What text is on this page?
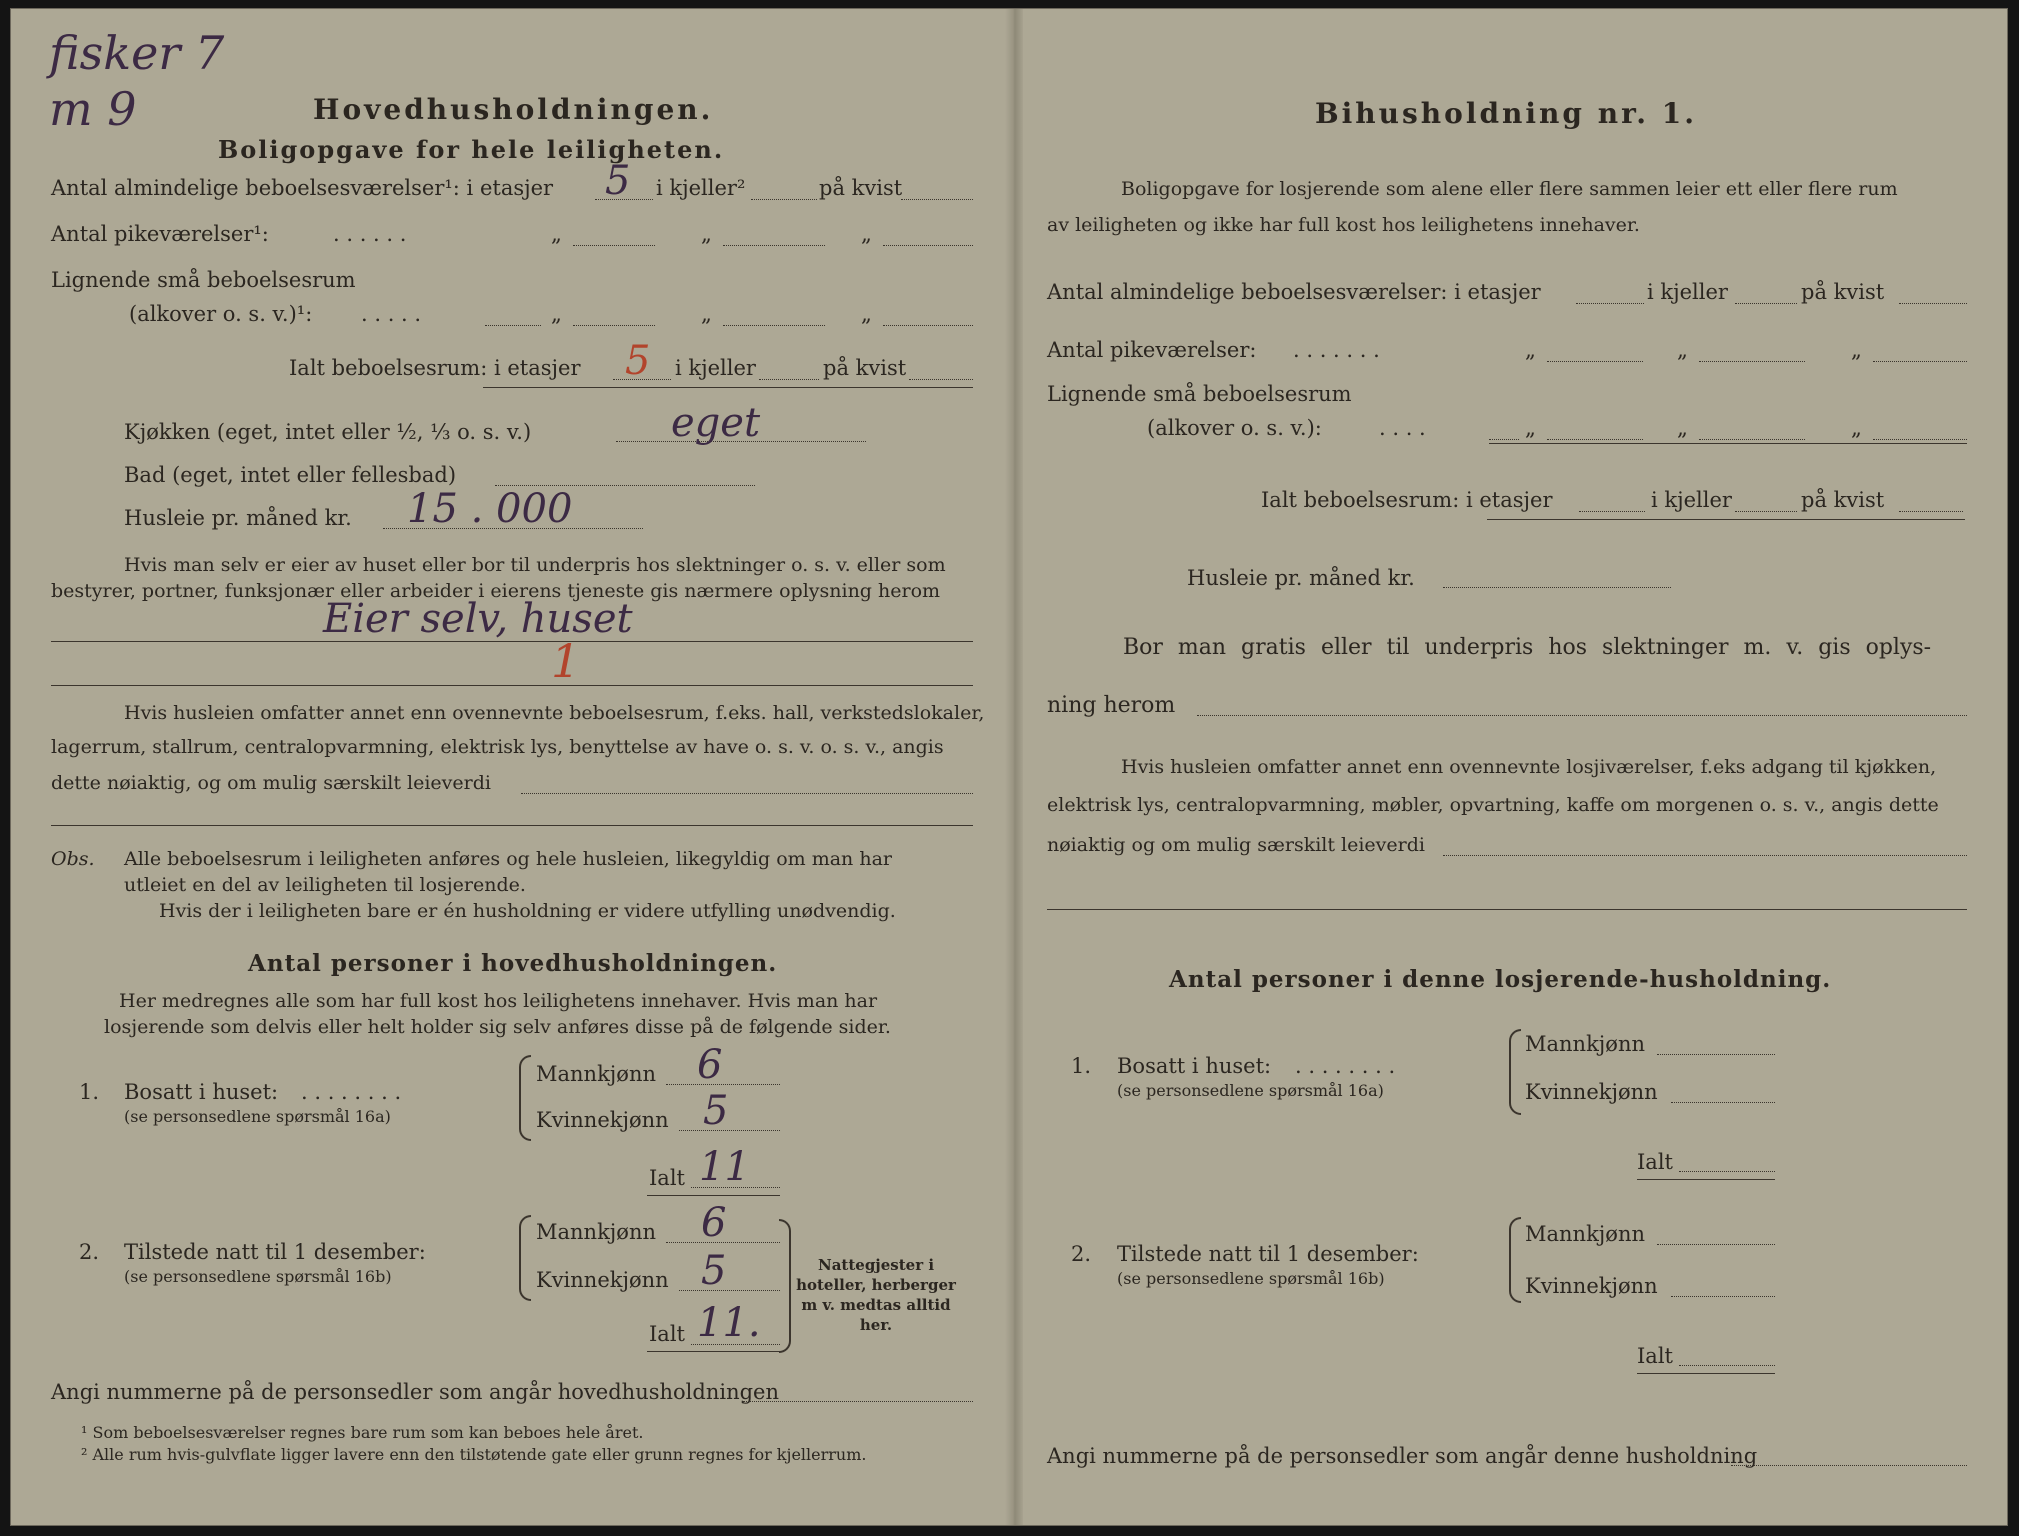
fisker 7
m 9	Hovedhusholdningen.
Boligopgave for hele leiligheten.
Antal almindelige beboelsesværelser¹: i etasjer 5 i kjeller²	på kvist
Antal pikeværelser¹:	. . . . . .	„	„	„
Lignende små beboelsesrum
(alkover o. s. v.)¹: . . . . .	„	„	„
Ialt beboelsesrum: i etasjer 5 i kjeller	på kvist
Kjøkken (eget, intet eller ½, ⅓ o. s. v.)	eget
Bad (eget, intet eller fellesbad)
Husleie pr. måned kr. 15 . 000
Hvis man selv er eier av huset eller bor til underpris hos slektninger o. s. v. eller som
bestyrer, portner, funksjonær eller arbeider i eierens tjeneste gis nærmere oplysning herom
Eier selv, huset
1
Hvis husleien omfatter annet enn ovennevnte beboelsesrum, f.eks. hall, verkstedslokaler,
lagerrum, stallrum, centralopvarmning, elektrisk lys, benyttelse av have o. s. v. o. s. v., angis
dette nøiaktig, og om mulig særskilt leieverdi
Obs. Alle beboelsesrum i leiligheten anføres og hele husleien, likegyldig om man har
utleiet en del av leiligheten til losjerende.
Hvis der i leiligheten bare er én husholdning er videre utfylling unødvendig.
Antal personer i hovedhusholdningen.
Her medregnes alle som har full kost hos leilighetens innehaver. Hvis man har
losjerende som delvis eller helt holder sig selv anføres disse på de følgende sider.
1. Bosatt i huset: . . . . . . . .
(se personsedlene spørsmål 16a)
Mannkjønn 6
Kvinnekjønn 5
Ialt 11
2. Tilstede natt til 1 desember:
(se personsedlene spørsmål 16b)
Mannkjønn 6
Kvinnekjønn 5
Ialt 11.
Nattegjester i hoteller, herberger m v. medtas alltid her.
Angi nummerne på de personsedler som angår hovedhusholdningen
¹ Som beboelsesværelser regnes bare rum som kan beboes hele året.
² Alle rum hvis-gulvflate ligger lavere enn den tilstøtende gate eller grunn regnes for kjellerrum.
Bihusholdning nr. 1.
Boligopgave for losjerende som alene eller flere sammen leier ett eller flere rum
av leiligheten og ikke har full kost hos leilighetens innehaver.
Antal almindelige beboelsesværelser: i etasjer	i kjeller	på kvist
Antal pikeværelser: . . . . . . .	„	„	„
Lignende små beboelsesrum
(alkover o. s. v.):	. . . .	„	„	„
Ialt beboelsesrum: i etasjer	i kjeller	på kvist
Husleie pr. måned kr.
Bor man gratis eller til underpris hos slektninger m. v. gis oplys-
ning herom
Hvis husleien omfatter annet enn ovennevnte losjiværelser, f.eks adgang til kjøkken,
elektrisk lys, centralopvarmning, møbler, opvartning, kaffe om morgenen o. s. v., angis dette
nøiaktig og om mulig særskilt leieverdi
Antal personer i denne losjerende-husholdning.
1. Bosatt i huset: . . . . . . . .
(se personsedlene spørsmål 16a)
Mannkjønn
Kvinnekjønn
Ialt
2. Tilstede natt til 1 desember:
(se personsedlene spørsmål 16b)
Mannkjønn
Kvinnekjønn
Ialt
Angi nummerne på de personsedler som angår denne husholdning
